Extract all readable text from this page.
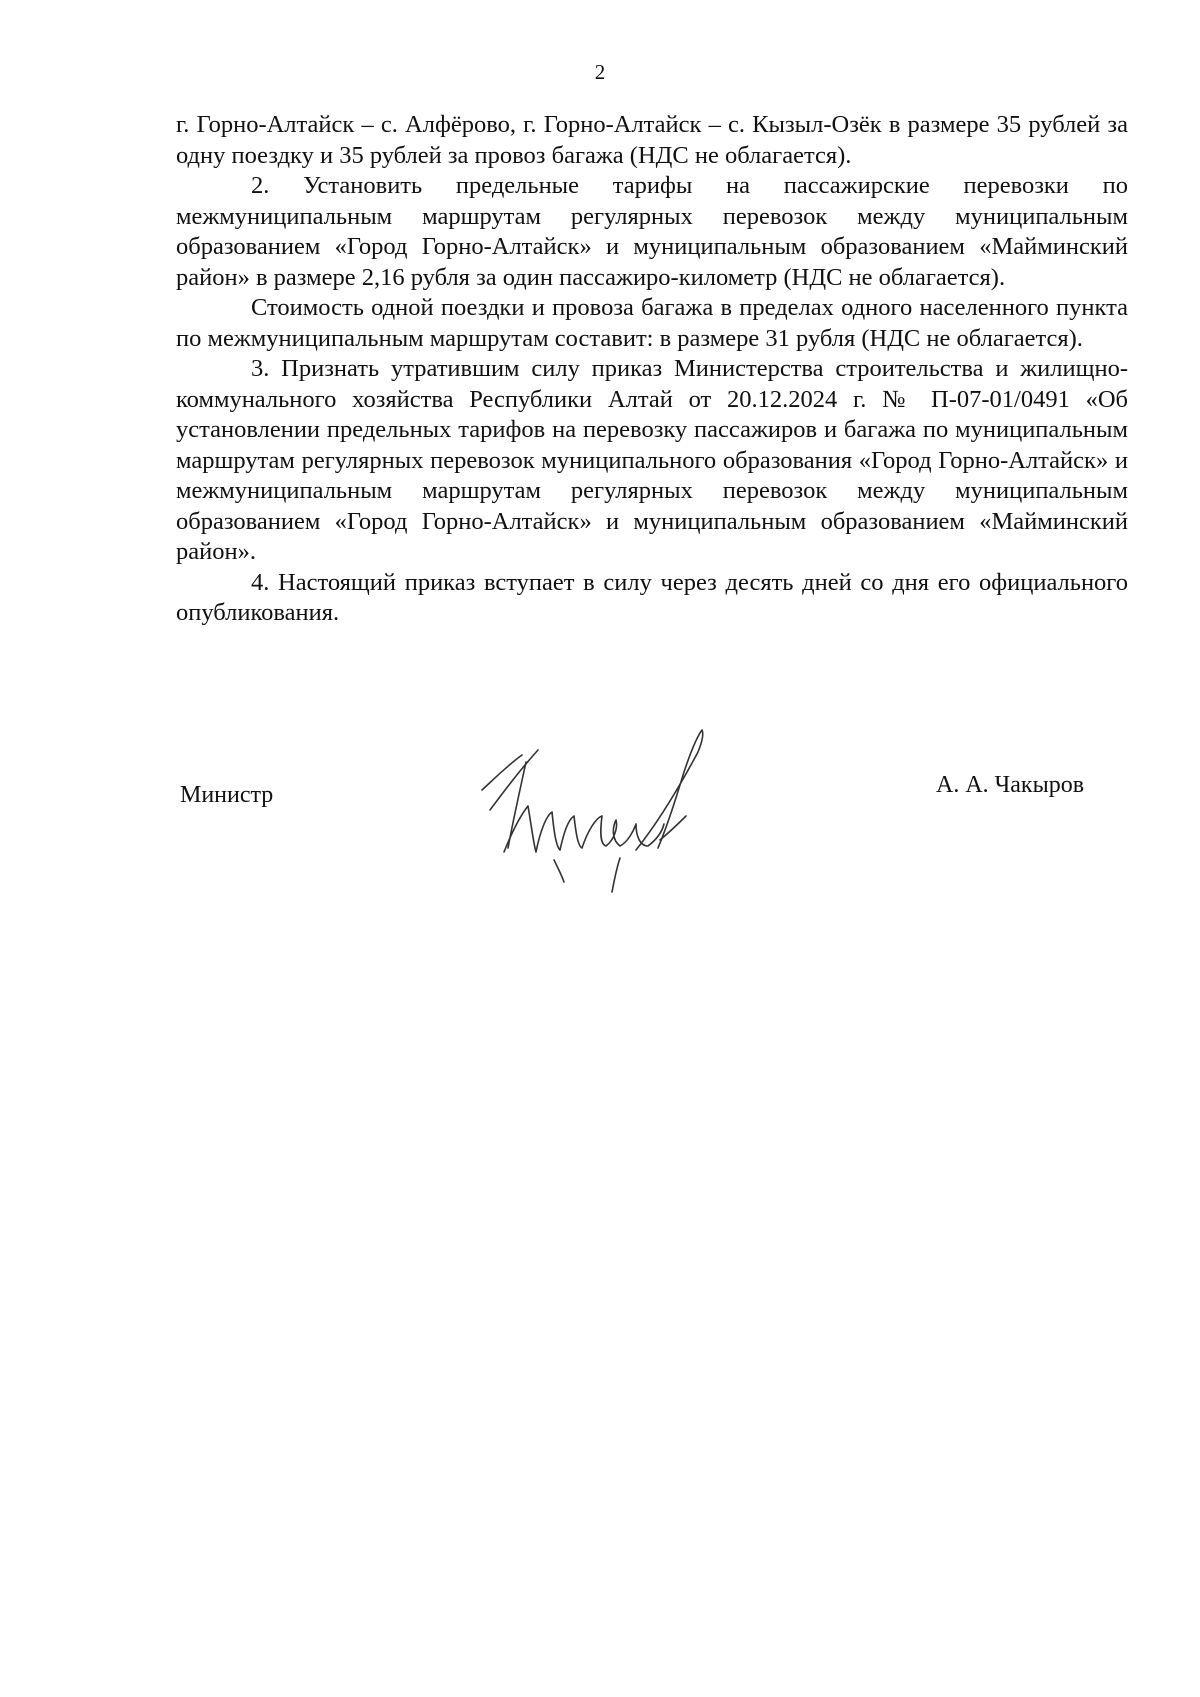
2

г. Горно-Алтайск – с. Алфёрово, г. Горно-Алтайск – с. Кызыл-Озёк в размере 35 рублей за одну поездку и 35 рублей за провоз багажа (НДС не облагается).

2. Установить предельные тарифы на пассажирские перевозки по межмуниципальным маршрутам регулярных перевозок между муниципальным образованием «Город Горно-Алтайск» и муниципальным образованием «Майминский район» в размере 2,16 рубля за один пассажиро-километр (НДС не облагается).

Стоимость одной поездки и провоза багажа в пределах одного населенного пункта по межмуниципальным маршрутам составит: в размере 31 рубля (НДС не облагается).

3. Признать утратившим силу приказ Министерства строительства и жилищно-коммунального хозяйства Республики Алтай от 20.12.2024 г. № П-07-01/0491 «Об установлении предельных тарифов на перевозку пассажиров и багажа по муниципальным маршрутам регулярных перевозок муниципального образования «Город Горно-Алтайск» и межмуниципальным маршрутам регулярных перевозок между муниципальным образованием «Город Горно-Алтайск» и муниципальным образованием «Майминский район».

4. Настоящий приказ вступает в силу через десять дней со дня его официального опубликования.

Министр	А. А. Чакыров
